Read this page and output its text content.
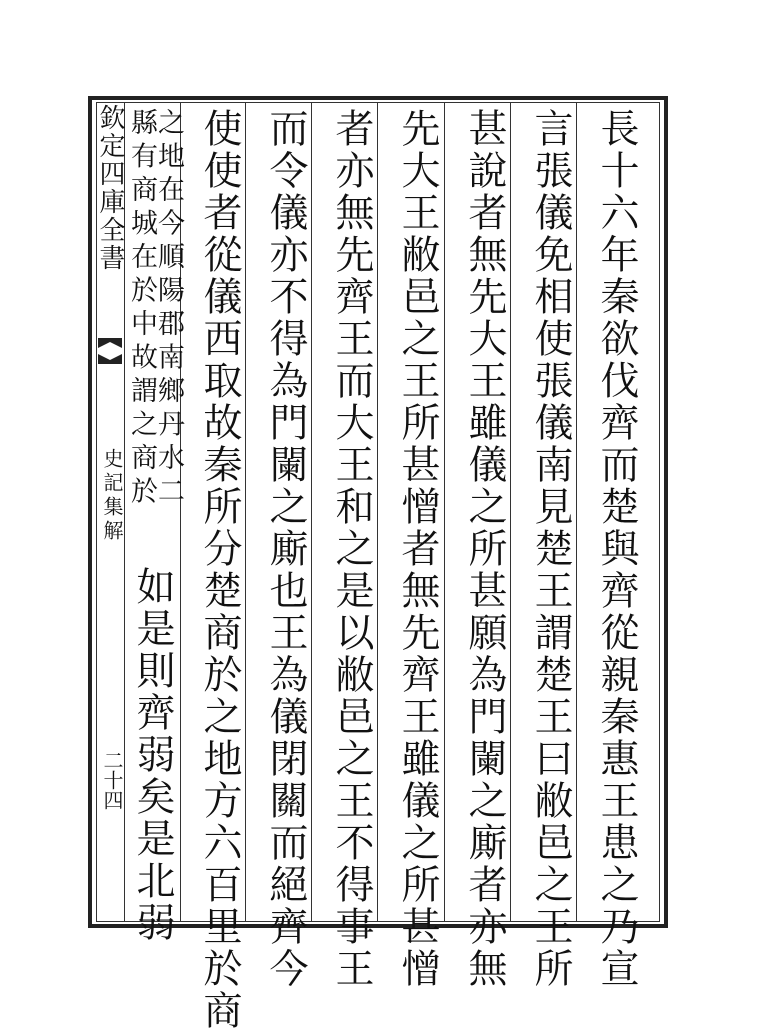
欽定四庫全書
史記集解
二十四	長十六年秦欲伐齊而楚與齊從親秦惠王患之乃宣
言張儀免相使張儀南見楚王謂楚王曰敝邑之王所
甚說者無先大王雖儀之所甚願為門闌之廝者亦無
先大王敝邑之王所甚憎者無先齊王雖儀之所甚憎
者亦無先齊王而大王和之是以敝邑之王不得事王
而令儀亦不得為門闌之廝也王為儀閉關而絕齊今
使使者從儀西取故秦所分楚商於之地方六百里於商
之地在今順陽郡南鄉丹水二
縣有商城在於中故謂之商於
如是則齊弱矣是北弱
